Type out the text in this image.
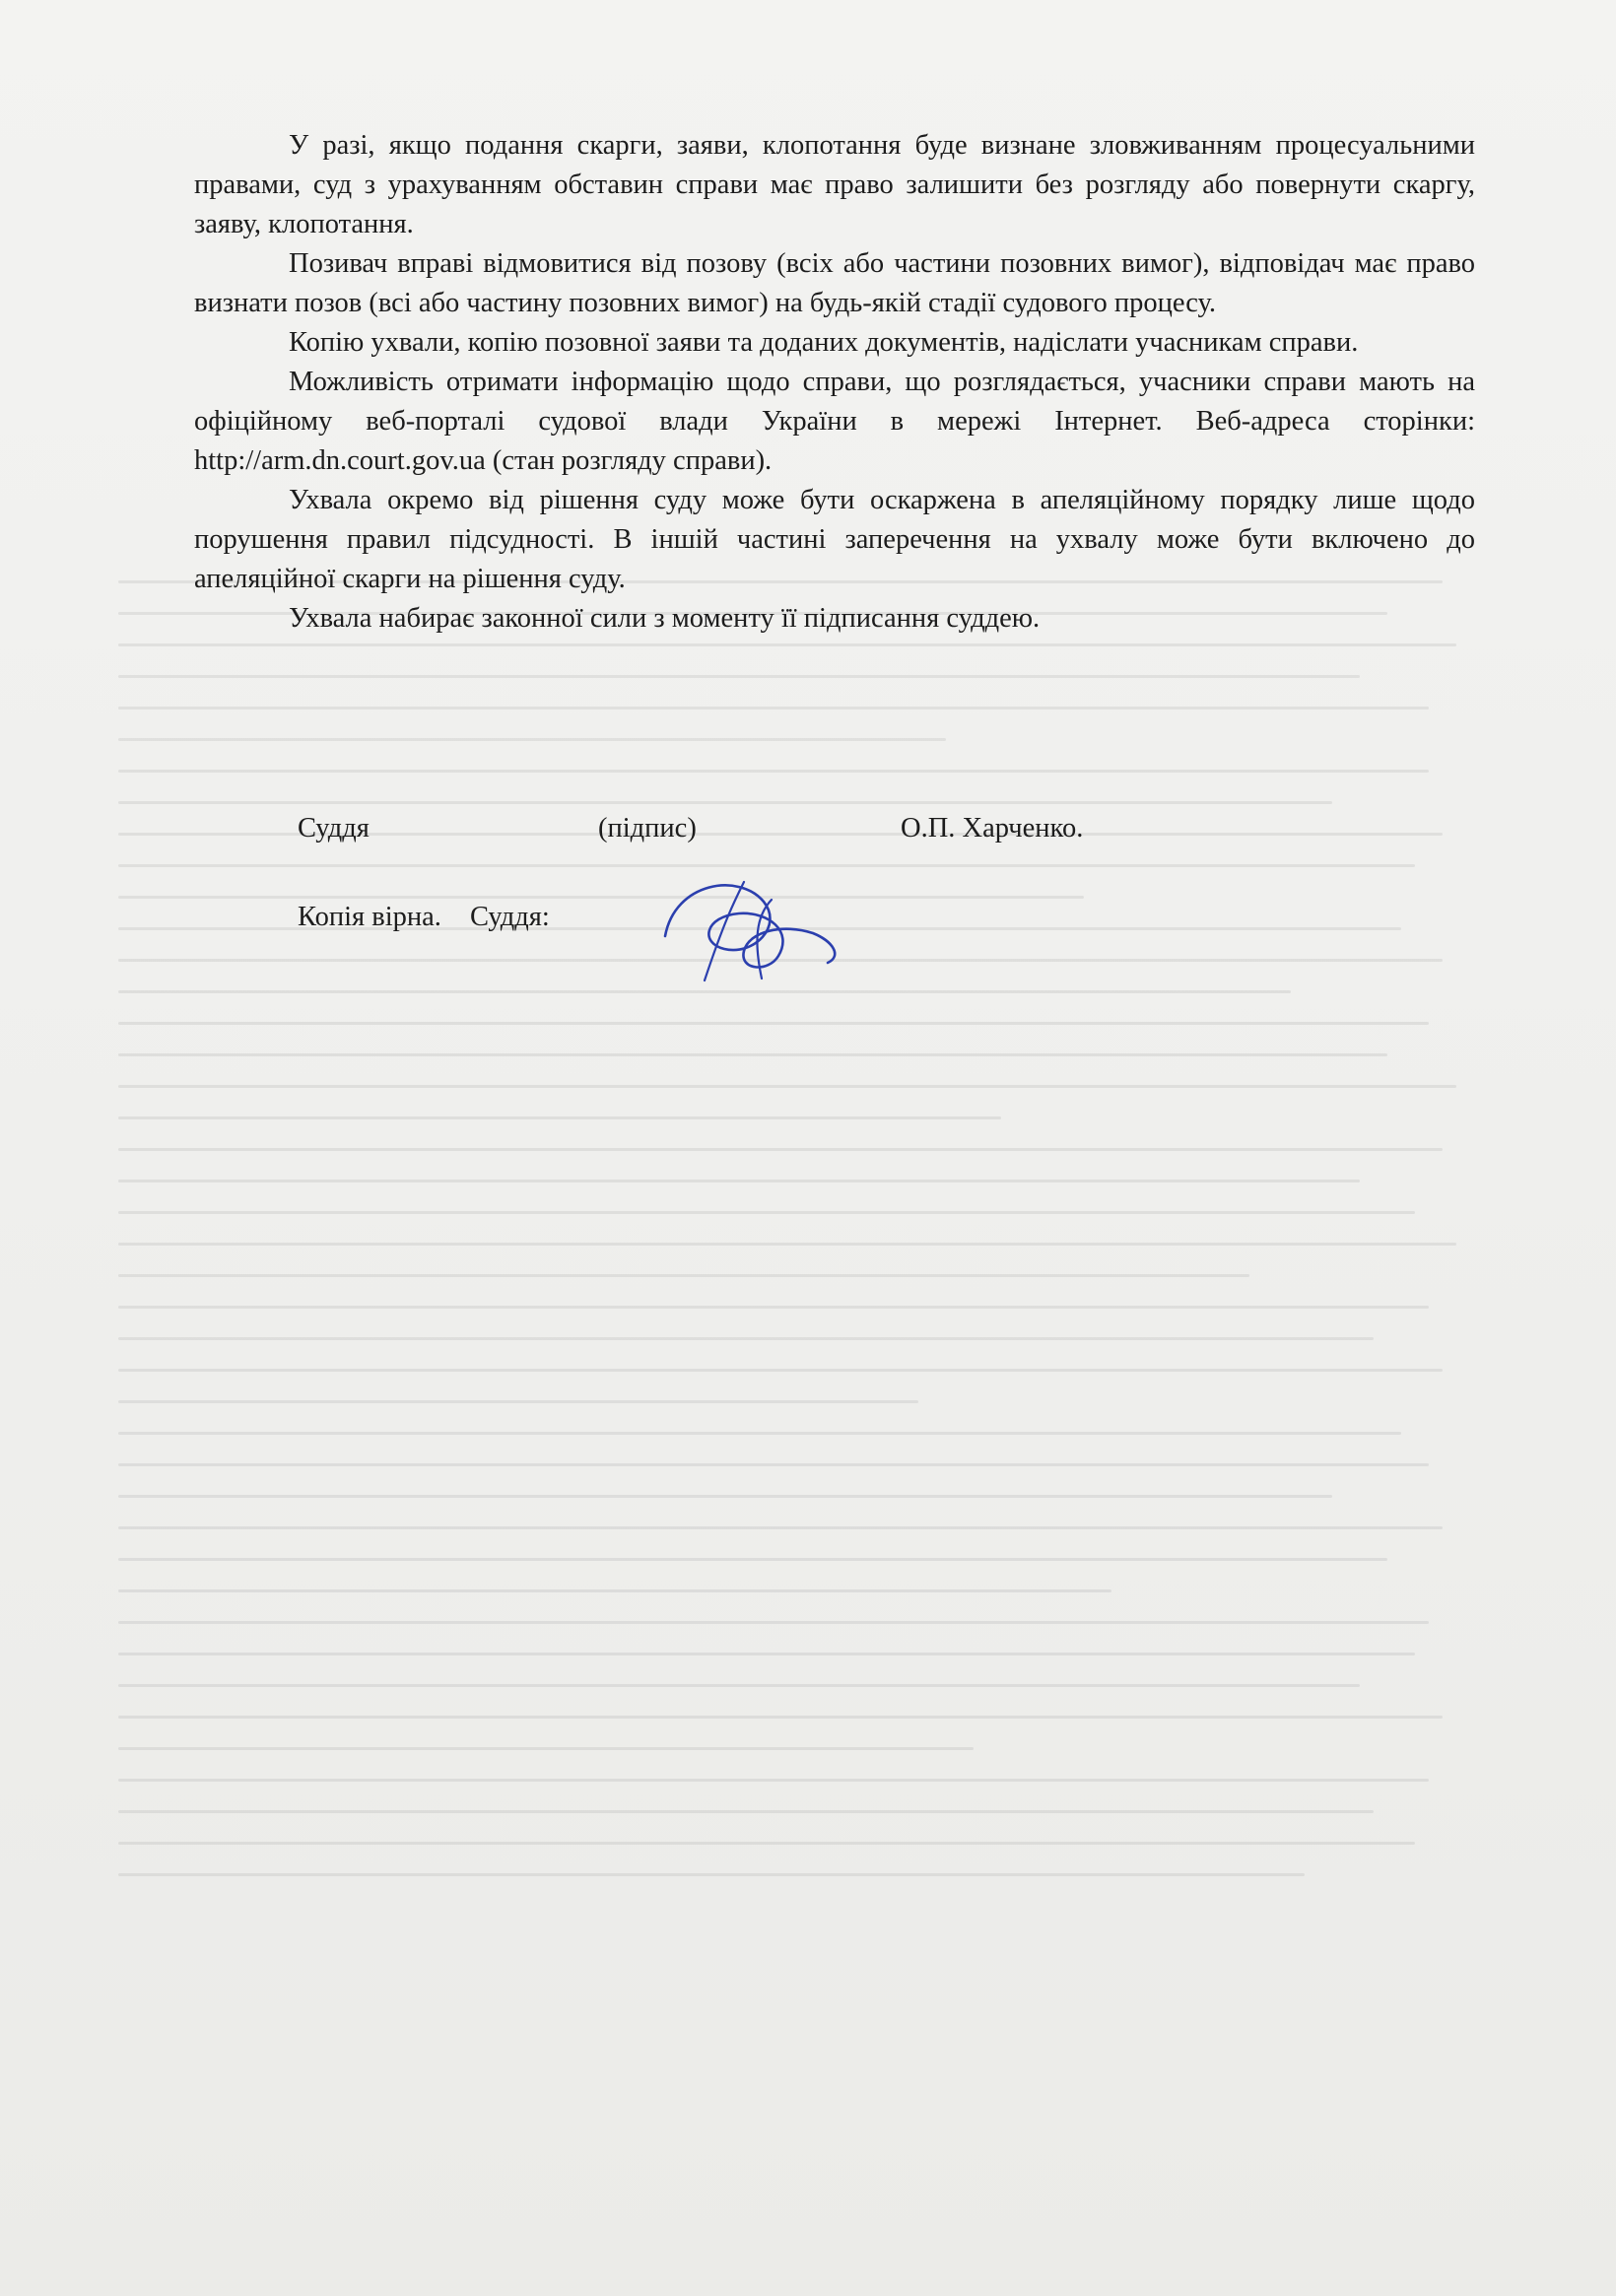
У разі, якщо подання скарги, заяви, клопотання буде визнане зловживанням процесуальними правами, суд з урахуванням обставин справи має право залишити без розгляду або повернути скаргу, заяву, клопотання.

Позивач вправі відмовитися від позову (всіх або частини позовних вимог), відповідач має право визнати позов (всі або частину позовних вимог) на будь-якій стадії судового процесу.

Копію ухвали, копію позовної заяви та доданих документів, надіслати учасникам справи.

Можливість отримати інформацію щодо справи, що розглядається, учасники справи мають на офіційному веб-порталі судової влади України в мережі Інтернет. Веб-адреса сторінки: http://arm.dn.court.gov.ua (стан розгляду справи).

Ухвала окремо від рішення суду може бути оскаржена в апеляційному порядку лише щодо порушення правил підсудності. В іншій частині заперечення на ухвалу може бути включено до апеляційної скарги на рішення суду.

Ухвала набирає законної сили з моменту її підписання суддею.

Суддя	(підпис)	О.П. Харченко.
Копія вірна. Суддя:
